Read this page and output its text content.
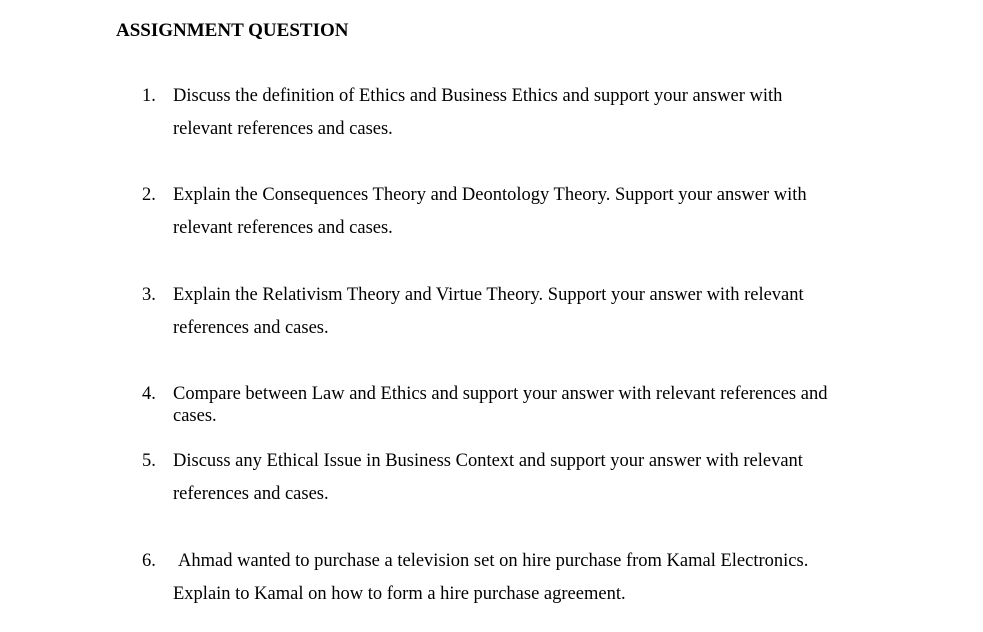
ASSIGNMENT QUESTION
1. Discuss the definition of Ethics and Business Ethics and support your answer with

relevant references and cases.

2. Explain the Consequences Theory and Deontology Theory. Support your answer with

relevant references and cases.

3. Explain the Relativism Theory and Virtue Theory. Support your answer with relevant

references and cases.

4. Compare between Law and Ethics and support your answer with relevant references and

cases.

5. Discuss any Ethical Issue in Business Context and support your answer with relevant

references and cases.

6. Ahmad wanted to purchase a television set on hire purchase from Kamal Electronics.

Explain to Kamal on how to form a hire purchase agreement.
